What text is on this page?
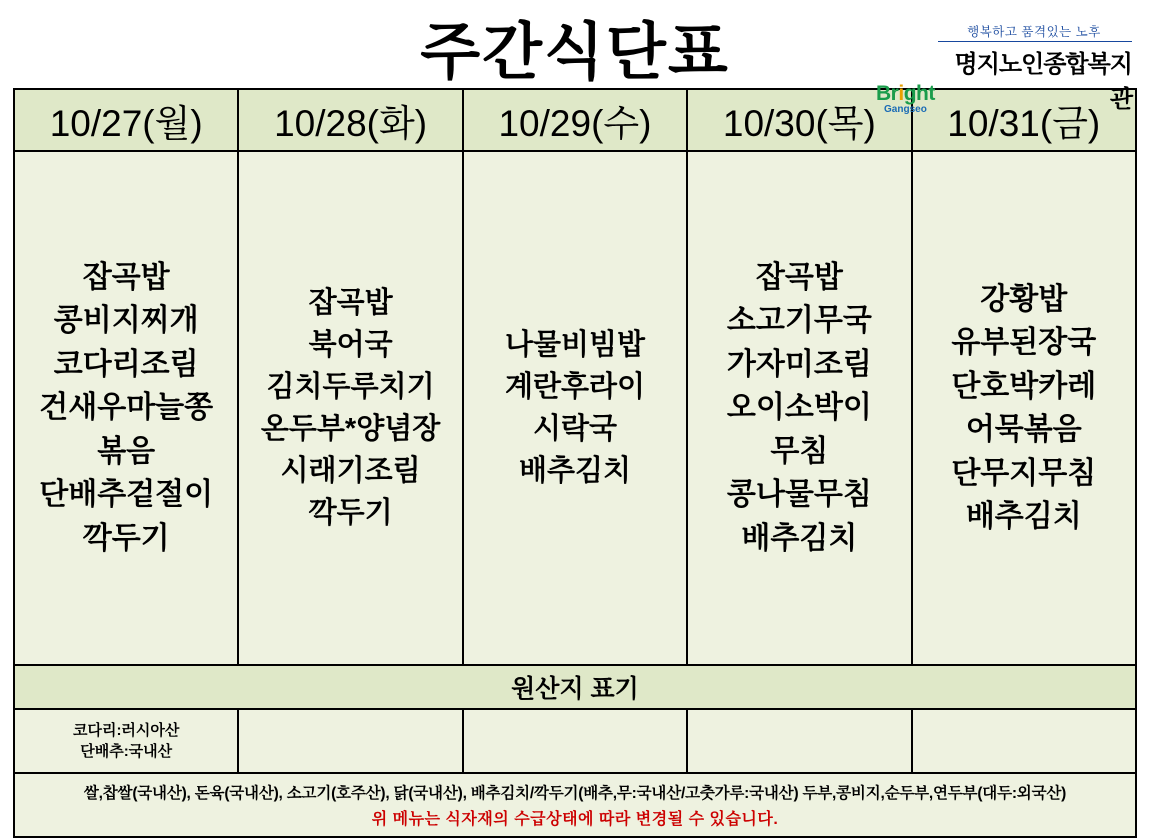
주간식단표	행복하고 품격있는 노후
Bright
Gangseo
명지노인종합복지관
10/27(월)	10/28(화)	10/29(수)	10/30(목)	10/31(금)

잡곡밥
콩비지찌개
코다리조림
건새우마늘쫑
볶음
단배추겉절이
깍두기

잡곡밥
북어국
김치두루치기
온두부*양념장
시래기조림
깍두기

나물비빔밥
계란후라이
시락국
배추김치

잡곡밥
소고기무국
가자미조림
오이소박이
무침
콩나물무침
배추김치

강황밥
유부된장국
단호박카레
어묵볶음
단무지무침
배추김치

원산지 표기				

코다리:러시아산
단배추:국내산				

쌀,찹쌀(국내산), 돈육(국내산), 소고기(호주산), 닭(국내산), 배추김치/깍두기(배추,무:국내산/고춧가루:국내산) 두부,콩비지,순두부,연두부(대두:외국산)
위 메뉴는 식자재의 수급상태에 따라 변경될 수 있습니다.				
